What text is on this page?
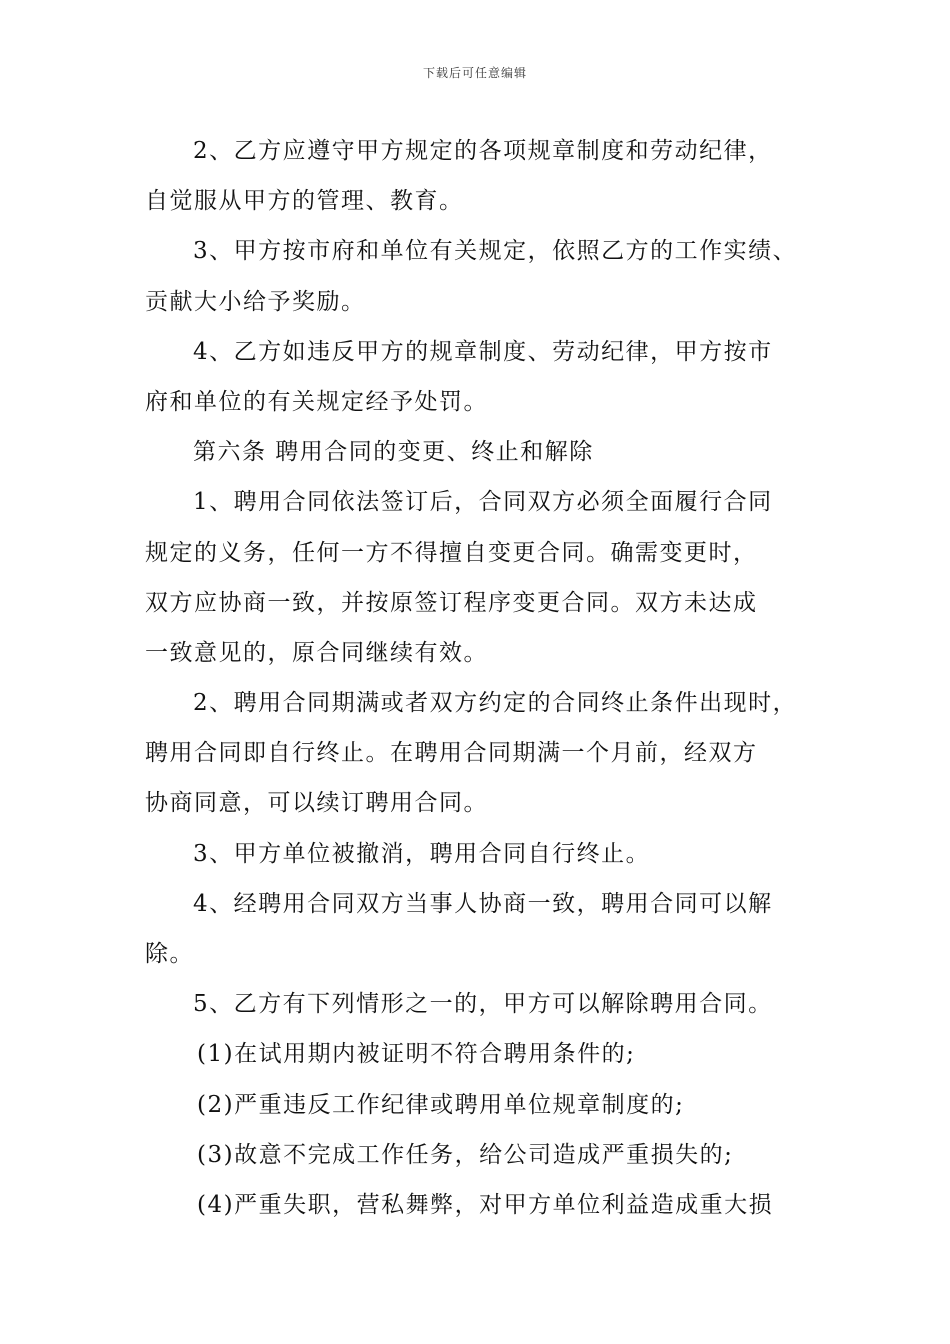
下载后可任意编辑
2、乙方应遵守甲方规定的各项规章制度和劳动纪律，
自觉服从甲方的管理、教育。
3、甲方按市府和单位有关规定，依照乙方的工作实绩、
贡献大小给予奖励。
4、乙方如违反甲方的规章制度、劳动纪律，甲方按市
府和单位的有关规定经予处罚。
第六条 聘用合同的变更、终止和解除
1、聘用合同依法签订后，合同双方必须全面履行合同
规定的义务，任何一方不得擅自变更合同。确需变更时，
双方应协商一致，并按原签订程序变更合同。双方未达成
一致意见的，原合同继续有效。
2、聘用合同期满或者双方约定的合同终止条件出现时，
聘用合同即自行终止。在聘用合同期满一个月前，经双方
协商同意，可以续订聘用合同。
3、甲方单位被撤消，聘用合同自行终止。
4、经聘用合同双方当事人协商一致，聘用合同可以解
除。
5、乙方有下列情形之一的，甲方可以解除聘用合同。
(1)在试用期内被证明不符合聘用条件的;
(2)严重违反工作纪律或聘用单位规章制度的;
(3)故意不完成工作任务，给公司造成严重损失的;
(4)严重失职，营私舞弊，对甲方单位利益造成重大损
